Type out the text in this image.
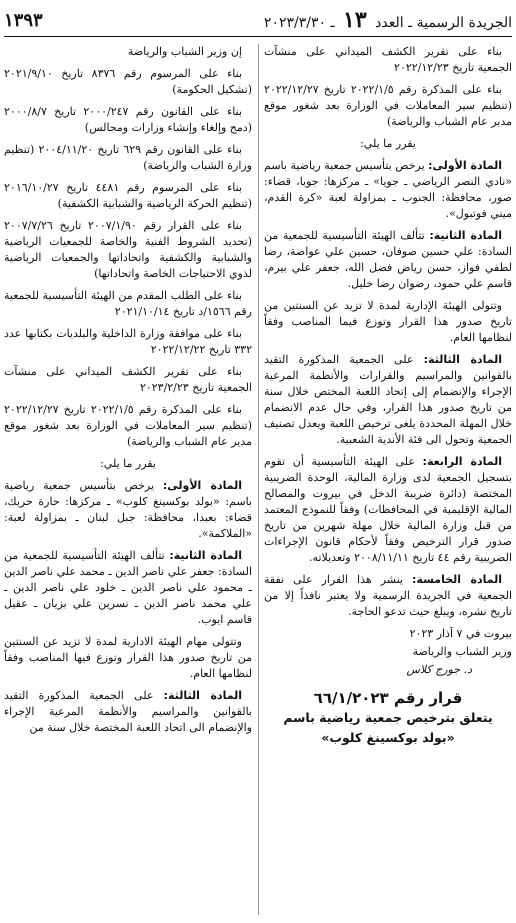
الجريدة الرسمية ـ العدد ١٣ ـ ٢٠٢٣/٣/٣٠
١٣٩٣

بناء على تقرير الكشف الميداني على منشآت الجمعية تاريخ ٢٠٢٢/١٢/٢٣

بناء على المذكرة رقم ٢٠٢٢/١/٥ تاريخ ٢٠٢٢/١٢/٢٧ (تنظيم سير المعاملات في الوزارة بعد شغور موقع مدير عام الشباب والرياضة)

يقرر ما يلي:

المادة الأولى: يرخص بتأسيس جمعية رياضية باسم «نادي النصر الرياضي ـ جويا» ـ مركزها: جويا، قضاء: صور، محافظة: الجنوب ـ بمزاولة لعبة «كرة القدم، ميني فوتبول».

المادة الثانية: تتألف الهيئة التأسيسية للجمعية من السادة: علي حسين صوفان، حسين علي عواضة، رضا لطفي فواز، حسن رياض فضل الله، جعفر علي بيرم، قاسم علي حمود، رضوان رضا خليل.

وتتولى الهيئة الإدارية لمدة لا تزيد عن السنتين من تاريخ صدور هذا القرار وتوزع فيما المناصب وفقاً لنظامها العام.

المادة الثالثة: على الجمعية المذكورة التقيد بالقوانين والمراسيم والقرارات والأنظمة المرعية الإجراء والإنضمام إلى إتحاد اللعبة المختص خلال سنة من تاريخ صدور هذا القرار، وفي حال عدم الانضمام خلال المهلة المحددة يلغى ترخيص اللعبة ويعدل تصنيف الجمعية وتحول الى فئة الأندية الشعبية.

المادة الرابعة: على الهيئة التأسيسية أن تقوم بتسجيل الجمعية لدى وزارة المالية، الوحدة الضريبية المختصة (دائرة ضريبة الدخل في بيروت والمصالح المالية الإقليمية في المحافظات) وفقاً للنموذج المعتمد من قبل وزارة المالية خلال مهلة شهرين من تاريخ صدور قرار الترخيص وفقاً لأحكام قانون الإجراءات الضريبية رقم ٤٤ تاريخ ٢٠٠٨/١١/١١ وتعديلاته.

المادة الخامسة: ينشر هذا القرار على نفقة الجمعية في الجريدة الرسمية ولا يعتبر نافذاً إلا من تاريخ نشره، ويبلغ حيث تدعو الحاجة.

بيروت في ٧ آذار ٢٠٢٣

وزير الشباب والرياضة

د. جورج كلاس

قرار رقم ٦٦/١/٢٠٢٣
يتعلق بترخيص جمعية رياضية باسم
«بولد بوكسينغ كلوب»

إن وزير الشباب والرياضة

بناء على المرسوم رقم ٨٣٧٦ تاريخ ٢٠٢١/٩/١٠ (تشكيل الحكومة)

بناء على القانون رقم ٢٠٠٠/٢٤٧ تاريخ ٢٠٠٠/٨/٧ (دمج وإلغاء وإنشاء وزارات ومجالس)

بناء على القانون رقم ٦٢٩ تاريخ ٢٠٠٤/١١/٢٠ (تنظيم وزارة الشباب والرياضة)

بناء على المرسوم رقم ٤٤٨١ تاريخ ٢٠١٦/١٠/٢٧ (تنظيم الحركة الرياضية والشبابية الكشفية)

بناء على القرار رقم ٢٠٠٧/١/٩٠ تاريخ ٢٠٠٧/٧/٢٦ (تحديد الشروط الفنية والخاصة للجمعيات الرياضية والشبابية والكشفية واتحاداتها والجمعيات الرياضية لذوي الاحتياجات الخاصة واتحاداتها)

بناء على الطلب المقدم من الهيئة التأسيسية للجمعية رقم ١٥٦٦/د تاريخ ٢٠٢١/١٠/١٤

بناء على موافقة وزارة الداخلية والبلديات بكتابها عدد ٣٣٢ تاريخ ٢٠٢٢/١٢/٢٢

بناء على تقرير الكشف الميداني على منشآت الجمعية تاريخ ٢٠٢٣/٢/٢٣

بناء على المذكرة رقم ٢٠٢٢/١/٥ تاريخ ٢٠٢٢/١٢/٢٧ (تنظيم سير المعاملات في الوزارة بعد شغور موقع مدير عام الشباب والرياضة)

يقرر ما يلي:

المادة الأولى: يرخص بتأسيس جمعية رياضية باسم: «بولد بوكسينغ كلوب» ـ مركزها: حارة حريك، قضاء: بعبدا، محافظة: جبل لبنان ـ بمزاولة لعبة: «الملاكمة».

المادة الثانية: تتألف الهيئة التأسيسية للجمعية من السادة: جعفر علي ناصر الدين ـ محمد علي ناصر الدين ـ محمود علي ناصر الدين ـ خلود علي ناصر الدين ـ علي محمد ناصر الدين ـ نسرين علي بزيان ـ عقيل قاسم ايوب.

وتتولى مهام الهيئة الادارية لمدة لا تزيد عن السنتين من تاريخ صدور هذا القرار وتوزع فيها المناصب وفقاً لنظامها العام.

المادة الثالثة: على الجمعية المذكورة التقيد بالقوانين والمراسيم والأنظمة المرعية الإجراء والإنضمام الى اتحاد اللعبة المختصة خلال سنة من
